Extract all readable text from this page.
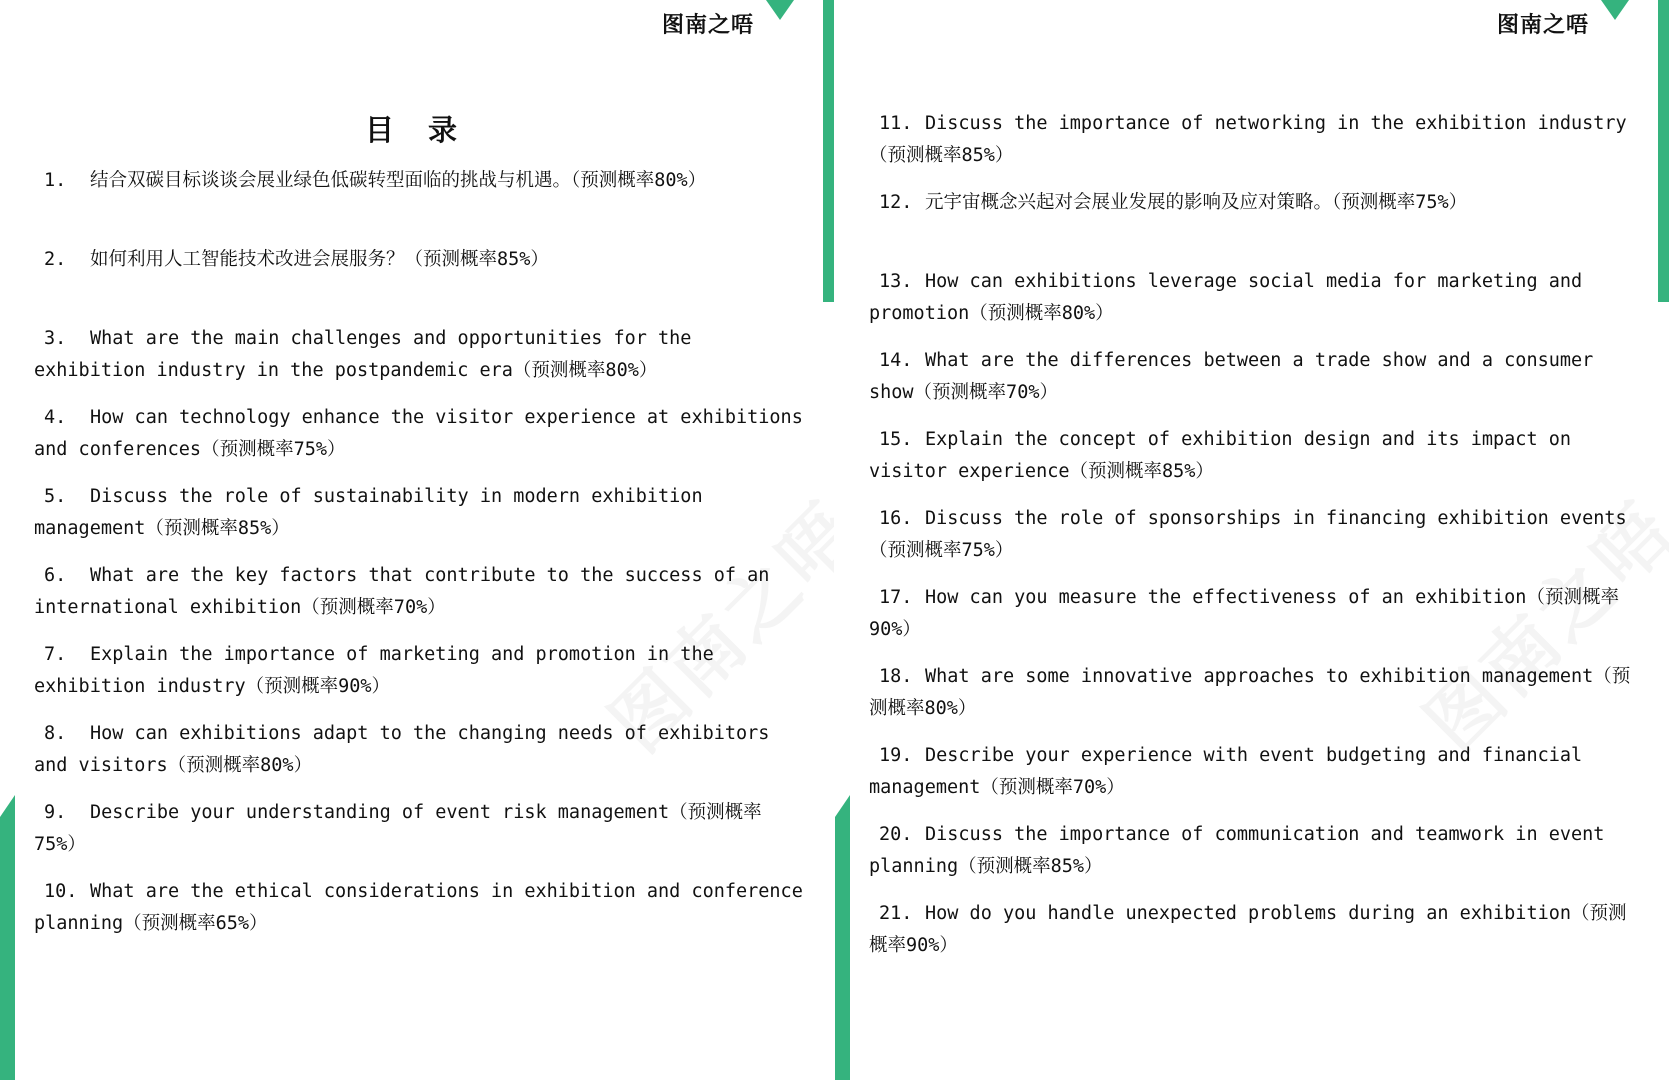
图南之唔
目 录
1. 结合双碳目标谈谈会展业绿色低碳转型面临的挑战与机遇。（预测概率80%）
2. 如何利用人工智能技术改进会展服务？（预测概率85%）
3. What are the main challenges and opportunities for the exhibition industry in the postpandemic era（预测概率80%）
4. How can technology enhance the visitor experience at exhibitions and conferences（预测概率75%）
5. Discuss the role of sustainability in modern exhibition management（预测概率85%）
6. What are the key factors that contribute to the success of an international exhibition（预测概率70%）
7. Explain the importance of marketing and promotion in the exhibition industry（预测概率90%）
8. How can exhibitions adapt to the changing needs of exhibitors and visitors（预测概率80%）
9. Describe your understanding of event risk management（预测概率75%）
10. What are the ethical considerations in exhibition and conference planning（预测概率65%）
图南之唔
11. Discuss the importance of networking in the exhibition industry（预测概率85%）
12. 元宇宙概念兴起对会展业发展的影响及应对策略。（预测概率75%）
13. How can exhibitions leverage social media for marketing and promotion（预测概率80%）
14. What are the differences between a trade show and a consumer show（预测概率70%）
15. Explain the concept of exhibition design and its impact on visitor experience（预测概率85%）
16. Discuss the role of sponsorships in financing exhibition events（预测概率75%）
17. How can you measure the effectiveness of an exhibition（预测概率90%）
18. What are some innovative approaches to exhibition management（预测概率80%）
19. Describe your experience with event budgeting and financial management（预测概率70%）
20. Discuss the importance of communication and teamwork in event planning（预测概率85%）
21. How do you handle unexpected problems during an exhibition（预测概率90%）
